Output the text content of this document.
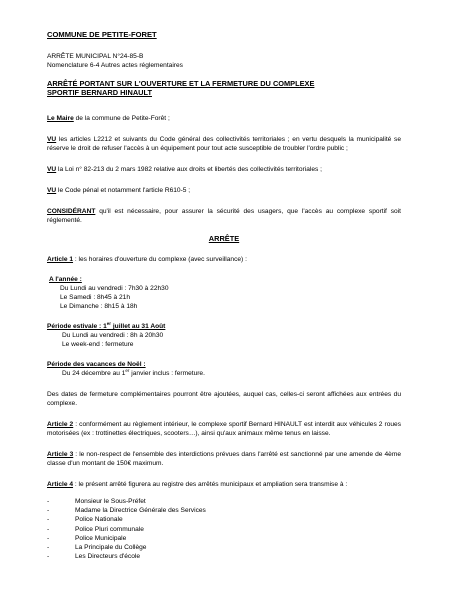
COMMUNE DE PETITE-FORET
ARRÊTE MUNICIPAL N°24-85-B
Nomenclature 6-4 Autres actes réglementaires
ARRÊTÉ PORTANT SUR L'OUVERTURE ET LA FERMETURE DU COMPLEXE
SPORTIF BERNARD HINAULT
Le Maire de la commune de Petite-Forêt ;
VU les articles L2212 et suivants du Code général des collectivités territoriales ; en vertu desquels la municipalité se réserve le droit de refuser l'accès à un équipement pour tout acte susceptible de troubler l'ordre public ;
VU la Loi n° 82-213 du 2 mars 1982 relative aux droits et libertés des collectivités territoriales ;
VU le Code pénal et notamment l'article R610-5 ;
CONSIDÉRANT qu'il est nécessaire, pour assurer la sécurité des usagers, que l'accès au complexe sportif soit réglementé.
ARRÊTE
Article 1 : les horaires d'ouverture du complexe (avec surveillance) :
A l'année :
Du Lundi au vendredi : 7h30 à 22h30
Le Samedi : 8h45 à 21h
Le Dimanche : 8h15 à 18h
Période estivale : 1er juillet au 31 Août
Du Lundi au vendredi : 8h à 20h30
Le week-end : fermeture
Période des vacances de Noël :
Du 24 décembre au 1er janvier inclus : fermeture.
Des dates de fermeture complémentaires pourront être ajoutées, auquel cas, celles-ci seront affichées aux entrées du complexe.
Article 2 : conformément au règlement intérieur, le complexe sportif Bernard HINAULT est interdit aux véhicules 2 roues motorisées (ex : trottinettes électriques, scooters…), ainsi qu'aux animaux même tenus en laisse.
Article 3 : le non-respect de l'ensemble des interdictions prévues dans l'arrêté est sanctionné par une amende de 4ème classe d'un montant de 150€ maximum.
Article 4 : le présent arrêté figurera au registre des arrêtés municipaux et ampliation sera transmise à :
-	Monsieur le Sous-Préfet
-	Madame la Directrice Générale des Services
-	Police Nationale
-	Police Pluri communale
-	Police Municipale
-	La Principale du Collège
-	Les Directeurs d'école
